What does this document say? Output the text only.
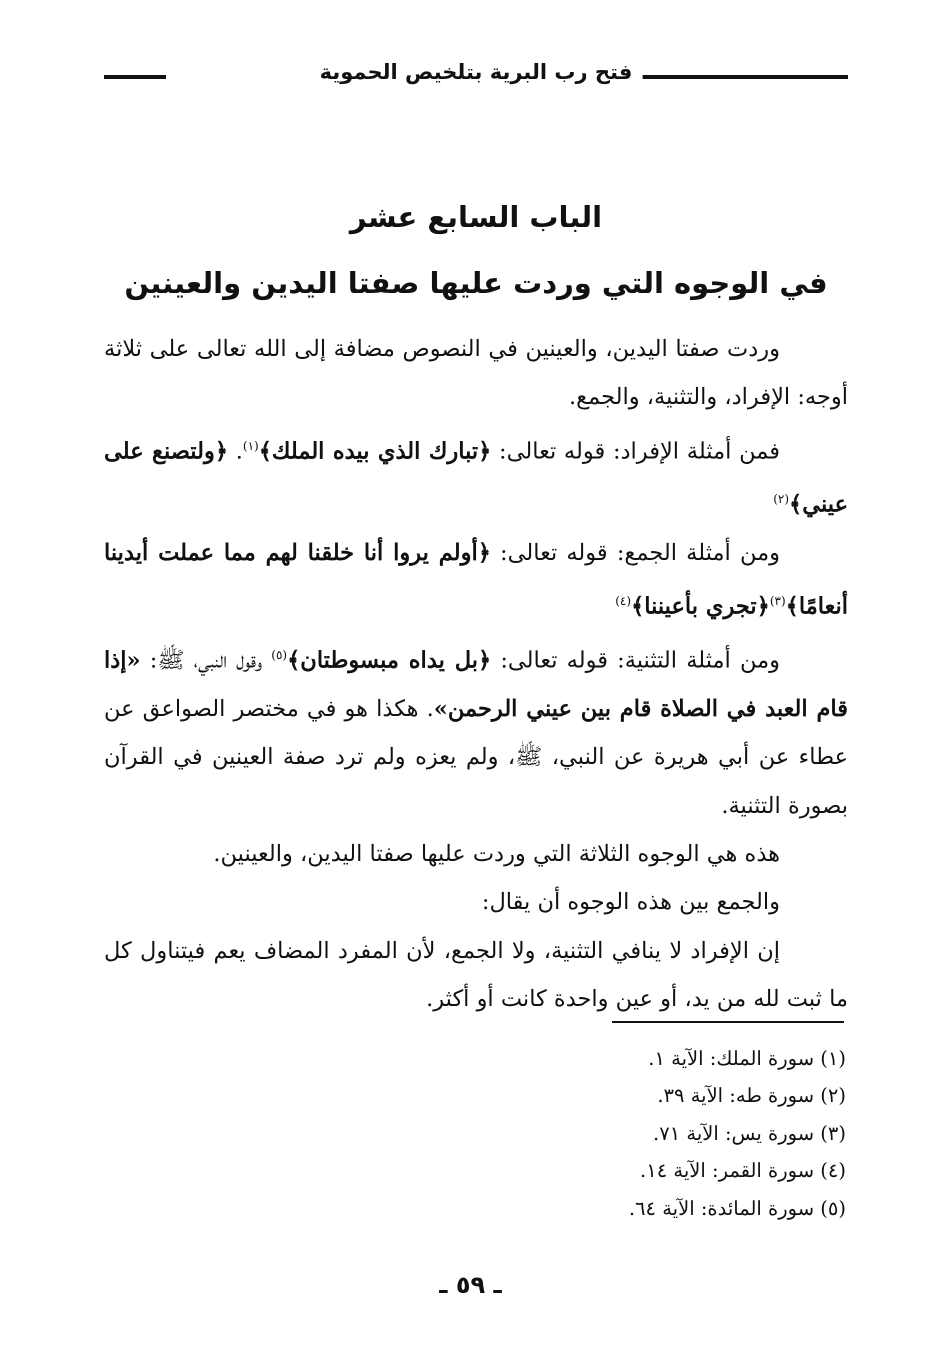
فتح رب البرية بتلخيص الحموية
الباب السابع عشر
في الوجوه التي وردت عليها صفتا اليدين والعينين

وردت صفتا اليدين، والعينين في النصوص مضافة إلى الله تعالى على ثلاثة أوجه: الإفراد، والتثنية، والجمع.

فمن أمثلة الإفراد: قوله تعالى: ﴿تبارك الذي بيده الملك﴾$^{(١)}$. ﴿ولتصنع على عيني﴾$^{(٢)}$

ومن أمثلة الجمع: قوله تعالى: ﴿أولم يروا أنا خلقنا لهم مما عملت أيدينا أنعامًا﴾$^{(٣)}$﴿تجري بأعيننا﴾$^{(٤)}$

ومن أمثلة التثنية: قوله تعالى: ﴿بل يداه مبسوطتان﴾$^{(٥)}$ وقول النبي، ﷺ: «إذا قام العبد في الصلاة قام بين عيني الرحمن». هكذا هو في مختصر الصواعق عن عطاء عن أبي هريرة عن النبي، ﷺ، ولم يعزه ولم ترد صفة العينين في القرآن بصورة التثنية.

هذه هي الوجوه الثلاثة التي وردت عليها صفتا اليدين، والعينين.

والجمع بين هذه الوجوه أن يقال:

إن الإفراد لا ينافي التثنية، ولا الجمع، لأن المفرد المضاف يعم فيتناول كل ما ثبت لله من يد، أو عين واحدة كانت أو أكثر.

(١) سورة الملك: الآية ١.
(٢) سورة طه: الآية ٣٩.
(٣) سورة يس: الآية ٧١.
(٤) سورة القمر: الآية ١٤.
(٥) سورة المائدة: الآية ٦٤.
ـ ٥٩ ـ
